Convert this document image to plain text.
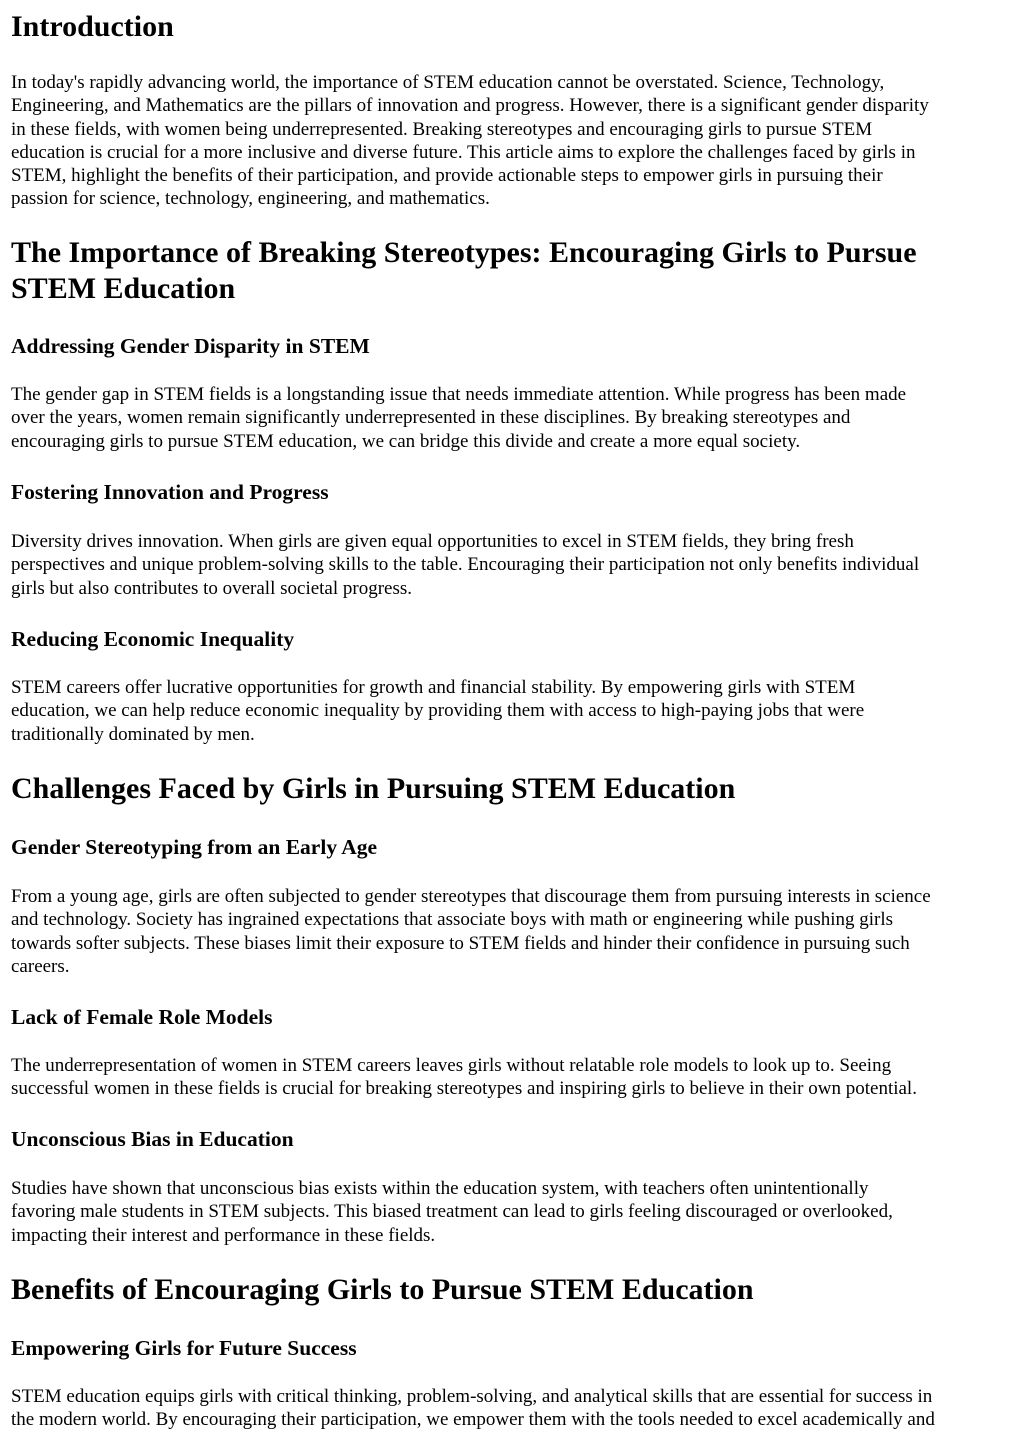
Introduction
In today's rapidly advancing world, the importance of STEM education cannot be overstated. Science, Technology,
Engineering, and Mathematics are the pillars of innovation and progress. However, there is a significant gender disparity
in these fields, with women being underrepresented. Breaking stereotypes and encouraging girls to pursue STEM
education is crucial for a more inclusive and diverse future. This article aims to explore the challenges faced by girls in
STEM, highlight the benefits of their participation, and provide actionable steps to empower girls in pursuing their
passion for science, technology, engineering, and mathematics.
The Importance of Breaking Stereotypes: Encouraging Girls to Pursue
STEM Education
Addressing Gender Disparity in STEM
The gender gap in STEM fields is a longstanding issue that needs immediate attention. While progress has been made
over the years, women remain significantly underrepresented in these disciplines. By breaking stereotypes and
encouraging girls to pursue STEM education, we can bridge this divide and create a more equal society.
Fostering Innovation and Progress
Diversity drives innovation. When girls are given equal opportunities to excel in STEM fields, they bring fresh
perspectives and unique problem-solving skills to the table. Encouraging their participation not only benefits individual
girls but also contributes to overall societal progress.
Reducing Economic Inequality
STEM careers offer lucrative opportunities for growth and financial stability. By empowering girls with STEM
education, we can help reduce economic inequality by providing them with access to high-paying jobs that were
traditionally dominated by men.
Challenges Faced by Girls in Pursuing STEM Education
Gender Stereotyping from an Early Age
From a young age, girls are often subjected to gender stereotypes that discourage them from pursuing interests in science
and technology. Society has ingrained expectations that associate boys with math or engineering while pushing girls
towards softer subjects. These biases limit their exposure to STEM fields and hinder their confidence in pursuing such
careers.
Lack of Female Role Models
The underrepresentation of women in STEM careers leaves girls without relatable role models to look up to. Seeing
successful women in these fields is crucial for breaking stereotypes and inspiring girls to believe in their own potential.
Unconscious Bias in Education
Studies have shown that unconscious bias exists within the education system, with teachers often unintentionally
favoring male students in STEM subjects. This biased treatment can lead to girls feeling discouraged or overlooked,
impacting their interest and performance in these fields.
Benefits of Encouraging Girls to Pursue STEM Education
Empowering Girls for Future Success
STEM education equips girls with critical thinking, problem-solving, and analytical skills that are essential for success in
the modern world. By encouraging their participation, we empower them with the tools needed to excel academically and
